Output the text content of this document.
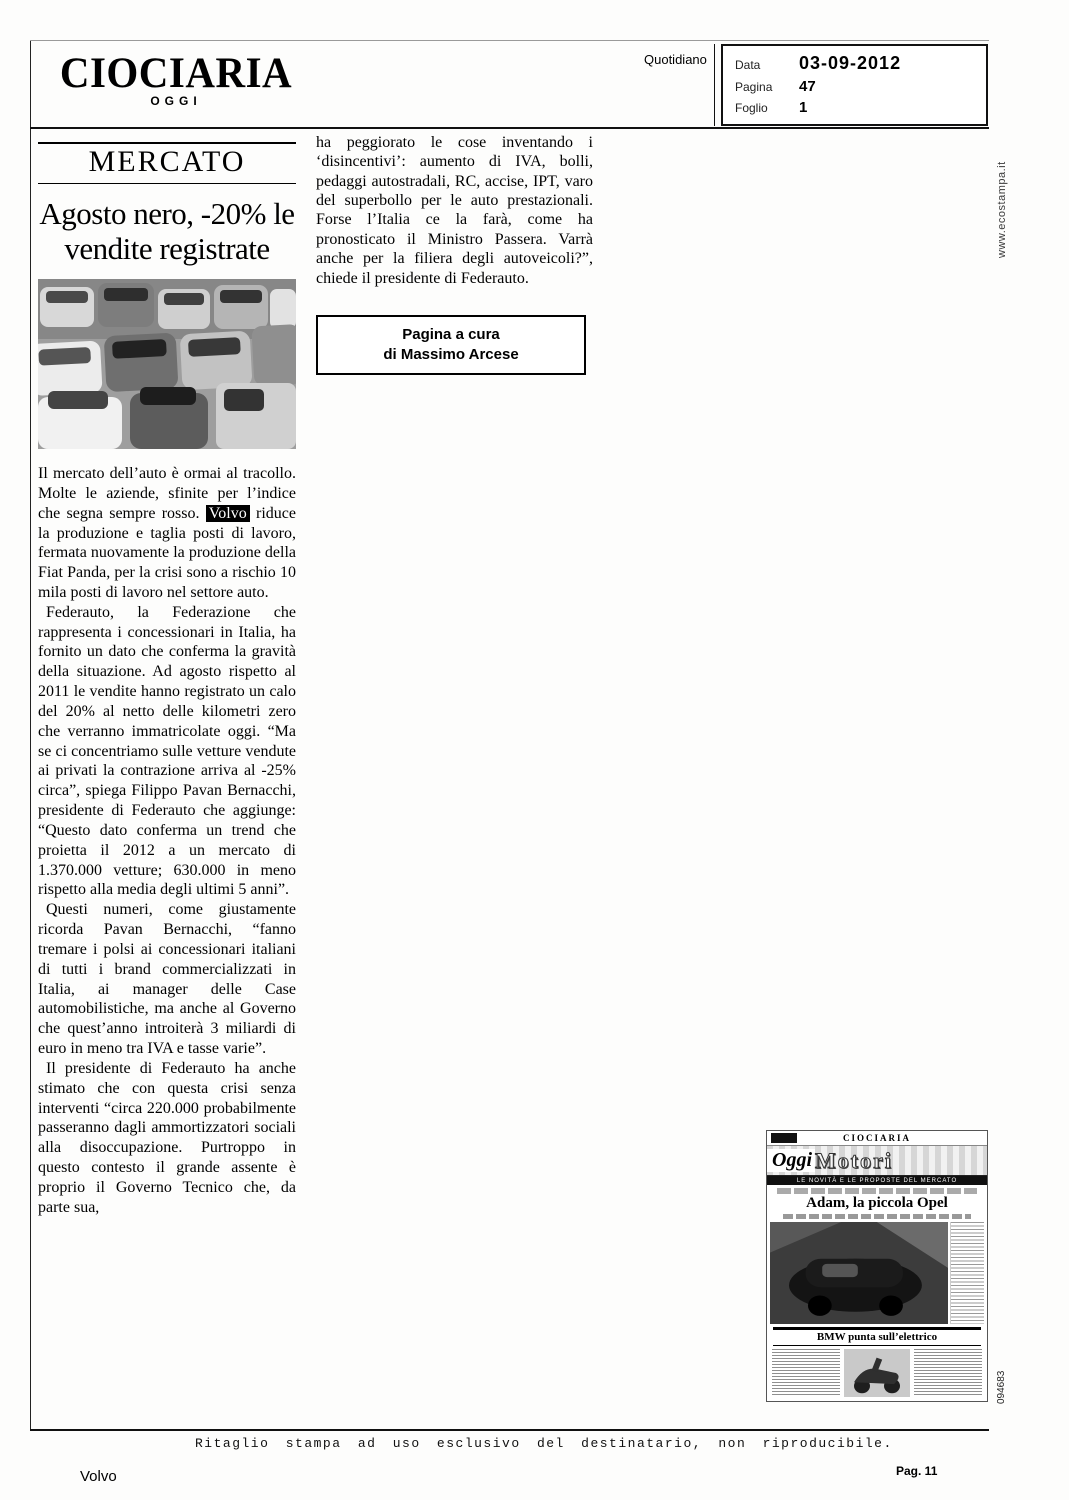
CIOCIARIA
OGGI
Quotidiano Data	03-09-2012
Pagina	47
Foglio	1
www.ecostampa.it
094683
MERCATO
Agosto nero, -20% le vendite registrate

Il mercato dell’auto è ormai al tracollo. Molte le aziende, sfinite per l’indice che segna sempre rosso. Volvo riduce la produzione e taglia posti di lavoro, fermata nuovamente la produzione della Fiat Panda, per la crisi sono a rischio 10 mila posti di lavoro nel settore auto.

Federauto, la Federazione che rappresenta i concessionari in Italia, ha fornito un dato che conferma la gravità della situazione. Ad agosto rispetto al 2011 le vendite hanno registrato un calo del 20% al netto delle kilometri zero che verranno immatricolate oggi. “Ma se ci concentriamo sulle vetture vendute ai privati la contrazione arriva al -25% circa”, spiega Filippo Pavan Bernacchi, presidente di Federauto che aggiunge: “Questo dato conferma un trend che proietta il 2012 a un mercato di 1.370.000 vetture; 630.000 in meno rispetto alla media degli ultimi 5 anni”.

Questi numeri, come giustamente ricorda Pavan Bernacchi, “fanno tremare i polsi ai concessionari italiani di tutti i brand commercializzati in Italia, ai manager delle Case automobilistiche, ma anche al Governo che quest’anno introiterà 3 miliardi di euro in meno tra IVA e tasse varie”.

Il presidente di Federauto ha anche stimato che con questa crisi senza interventi “circa 220.000 probabilmente passeranno dagli ammortizzatori sociali alla disoccupazione. Purtroppo in questo contesto il grande assente è proprio il Governo Tecnico che, da parte sua,

ha peggiorato le cose inventando i ‘disincentivi’: aumento di IVA, bolli, pedaggi autostradali, RC, accise, IPT, varo del superbollo per le auto prestazionali. Forse l’Italia ce la farà, come ha pronosticato il Ministro Passera. Varrà anche per la filiera degli autoveicoli?”, chiede il presidente di Federauto.

Pagina a cura
di Massimo Arcese
CIOCIARIA
Oggi Motori
LE NOVITÀ E LE PROPOSTE DEL MERCATO
Adam, la piccola Opel
BMW punta sull’elettrico
Ritaglio stampa ad uso esclusivo del destinatario, non riproducibile.
Volvo	Pag. 11
